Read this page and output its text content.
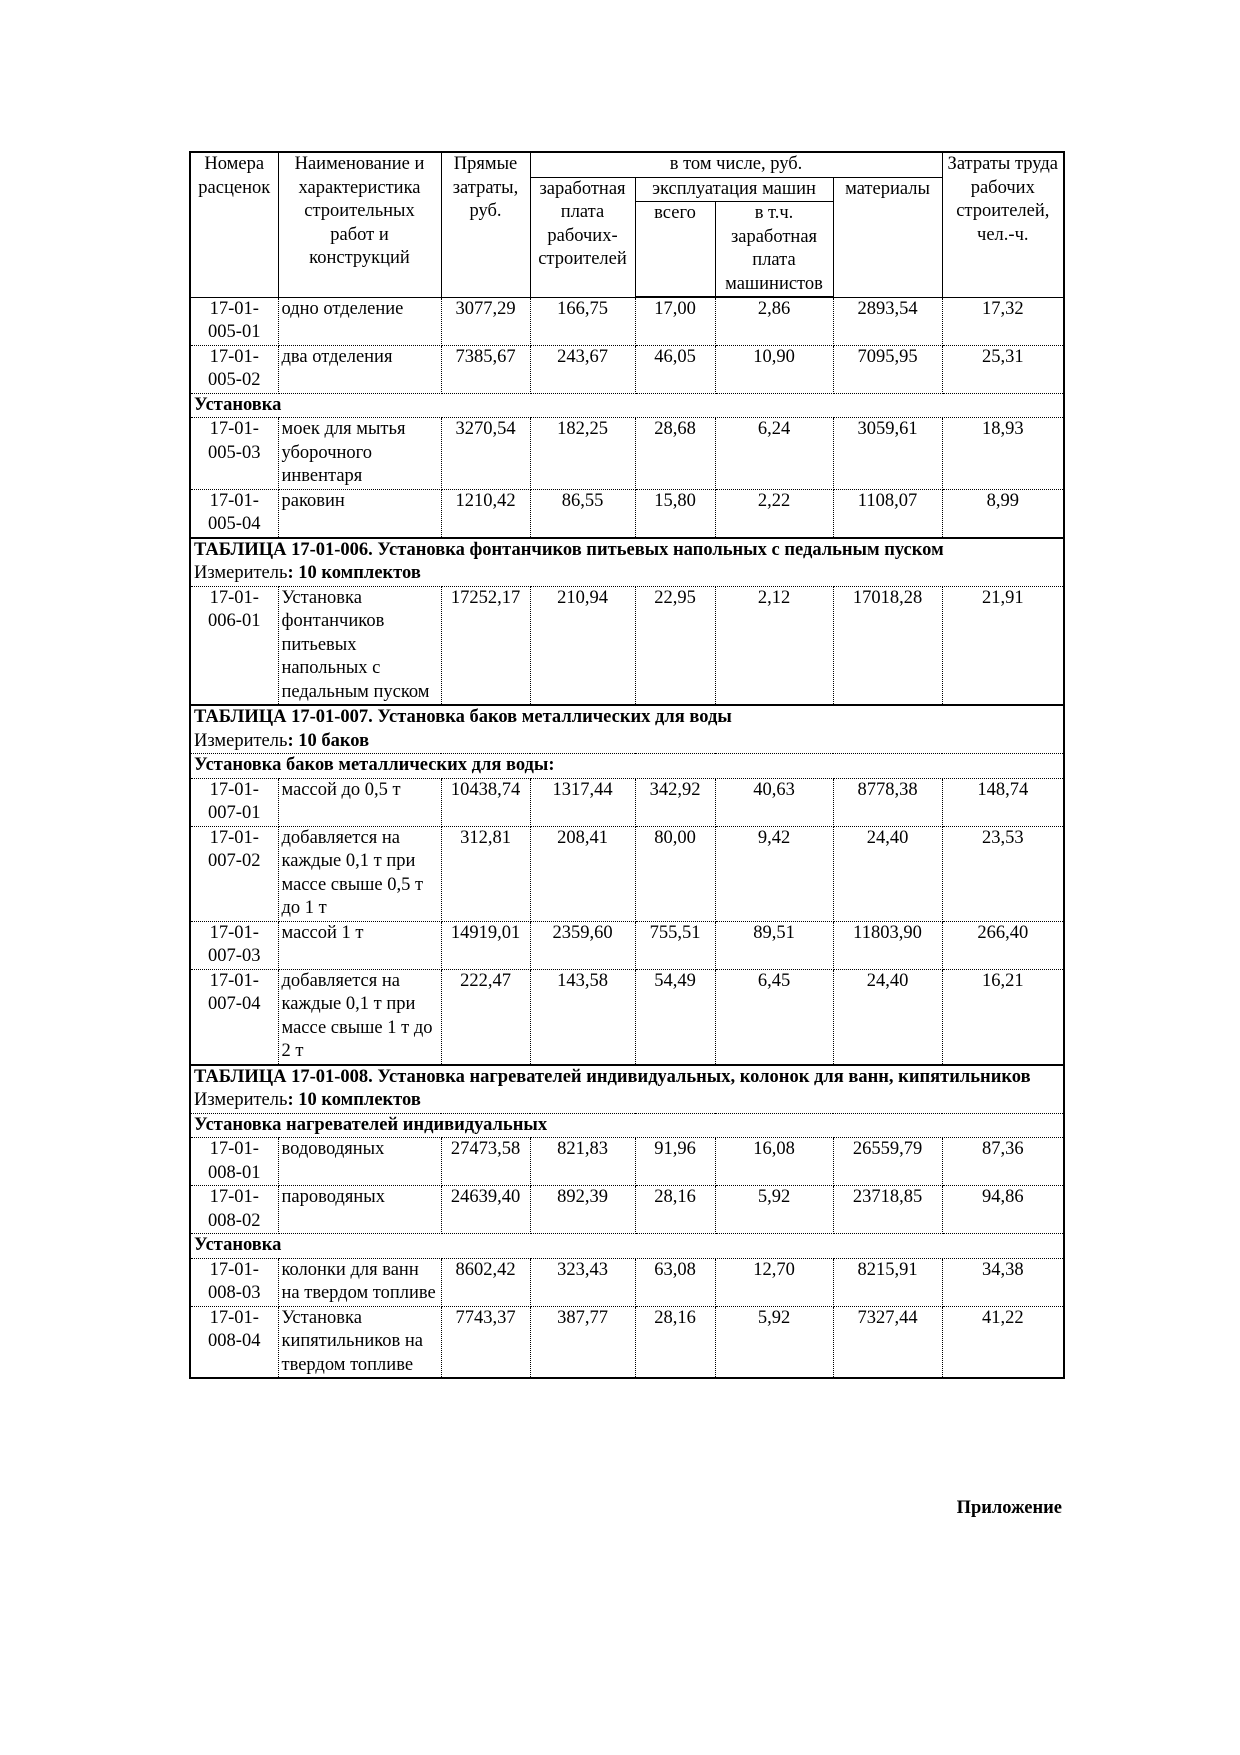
Номера расценок	Наименование и характеристика строительных работ и конструкций	Прямые затраты, руб.	в том числе, руб.				Затраты труда рабочих строителей, чел.-ч.
			заработная плата рабочих-строителей	эксплуатация машин		материалы	
				всего	в т.ч. заработная плата машинистов		
17-01-005-01	одно отделение	3077,29	166,75	17,00	2,86	2893,54	17,32
17-01-005-02	два отделения	7385,67	243,67	46,05	10,90	7095,95	25,31
Установка							
17-01-005-03	моек для мытья уборочного инвентаря	3270,54	182,25	28,68	6,24	3059,61	18,93
17-01-005-04	раковин	1210,42	86,55	15,80	2,22	1108,07	8,99
ТАБЛИЦА 17-01-006. Установка фонтанчиков питьевых напольных с педальным пуском							
Измеритель: 10 комплектов							
17-01-006-01	Установка фонтанчиков питьевых напольных с педальным пуском	17252,17	210,94	22,95	2,12	17018,28	21,91
ТАБЛИЦА 17-01-007. Установка баков металлических для воды							
Измеритель: 10 баков							
Установка баков металлических для воды:							
17-01-007-01	массой до 0,5 т	10438,74	1317,44	342,92	40,63	8778,38	148,74
17-01-007-02	добавляется на каждые 0,1 т при массе свыше 0,5 т до 1 т	312,81	208,41	80,00	9,42	24,40	23,53
17-01-007-03	массой 1 т	14919,01	2359,60	755,51	89,51	11803,90	266,40
17-01-007-04	добавляется на каждые 0,1 т при массе свыше 1 т до 2 т	222,47	143,58	54,49	6,45	24,40	16,21
ТАБЛИЦА 17-01-008. Установка нагревателей индивидуальных, колонок для ванн, кипятильников							
Измеритель: 10 комплектов							
Установка нагревателей индивидуальных							
17-01-008-01	водоводяных	27473,58	821,83	91,96	16,08	26559,79	87,36
17-01-008-02	пароводяных	24639,40	892,39	28,16	5,92	23718,85	94,86
Установка							
17-01-008-03	колонки для ванн на твердом топливе	8602,42	323,43	63,08	12,70	8215,91	34,38
17-01-008-04	Установка кипятильников на твердом топливе	7743,37	387,77	28,16	5,92	7327,44	41,22
Приложение
